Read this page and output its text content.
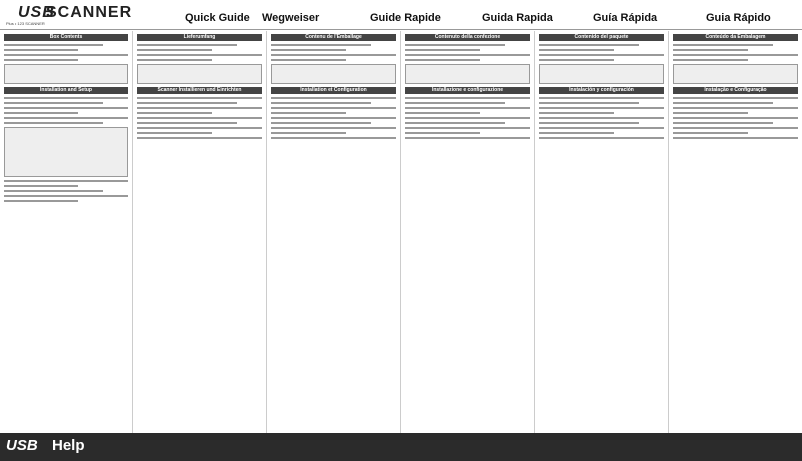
USB
SCANNER
Plus • 123 SCANNER	Quick Guide Wegweiser	Guide Rapide	Guida Rapida	Guía Rápida	Guia Rápido
Box Contents
Installation and Setup
Lieferumfang
Scanner Installieren und Einrichten
Contenu de l'Emballage
Installation et Configuration
Contenuto della confezione
Installazione e configurazione
Contenido del paquete
Instalación y configuración
Conteúdo da Embalagem
Instalação e Configuração
USB Help
